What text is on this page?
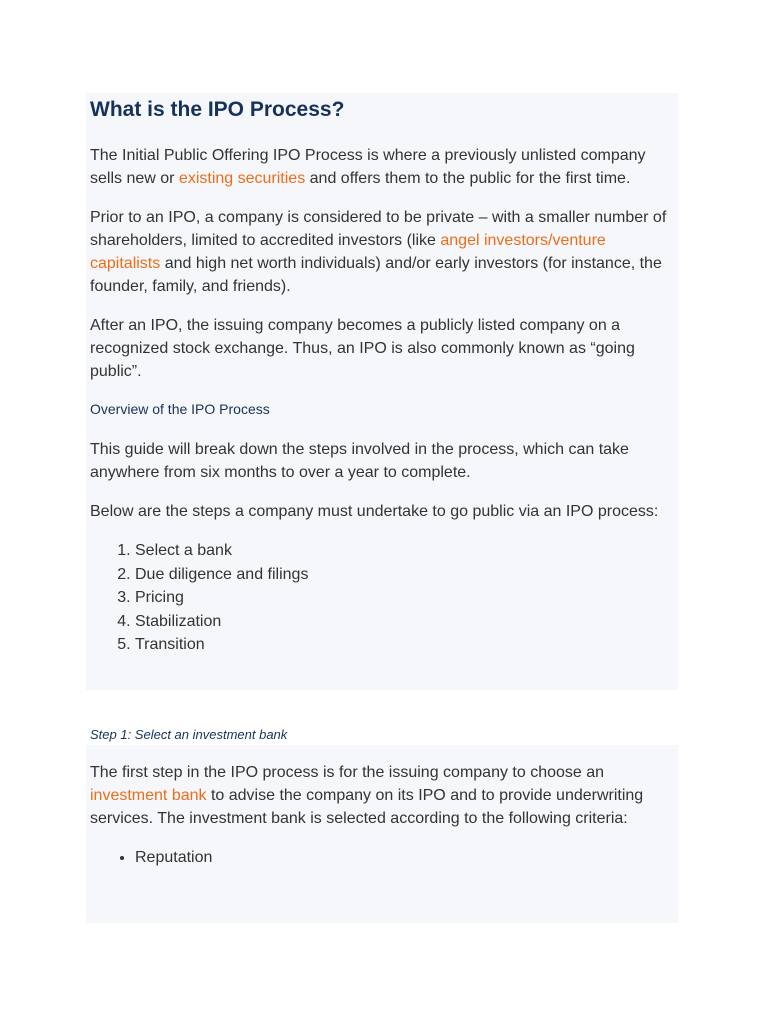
What is the IPO Process?

The Initial Public Offering IPO Process is where a previously unlisted company sells new or existing securities and offers them to the public for the first time.

Prior to an IPO, a company is considered to be private – with a smaller number of shareholders, limited to accredited investors (like angel investors/venture capitalists and high net worth individuals) and/or early investors (for instance, the founder, family, and friends).

After an IPO, the issuing company becomes a publicly listed company on a recognized stock exchange. Thus, an IPO is also commonly known as “going public”.

Overview of the IPO Process

This guide will break down the steps involved in the process, which can take anywhere from six months to over a year to complete.

Below are the steps a company must undertake to go public via an IPO process:

1. Select a bank
2. Due diligence and filings
3. Pricing
4. Stabilization
5. Transition
Step 1: Select an investment bank

The first step in the IPO process is for the issuing company to choose an investment bank to advise the company on its IPO and to provide underwriting services. The investment bank is selected according to the following criteria:

• Reputation
